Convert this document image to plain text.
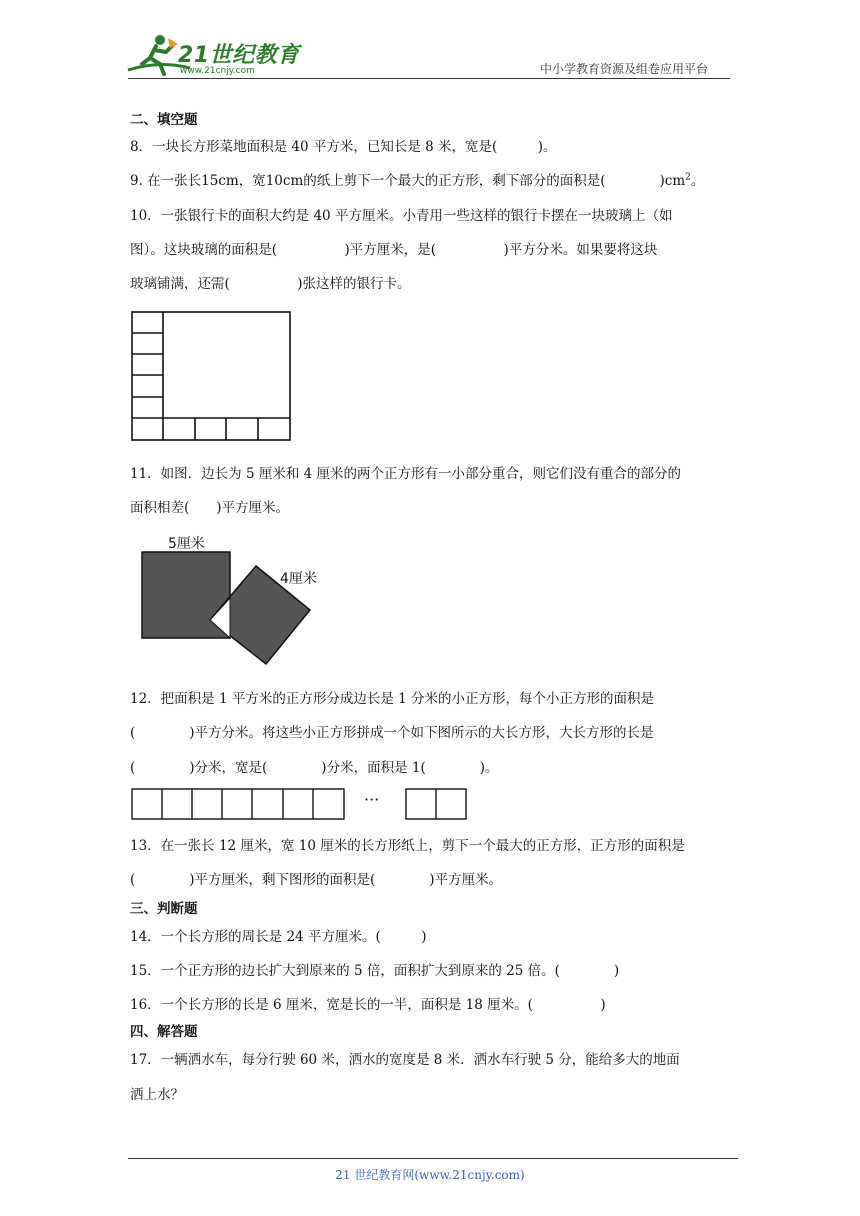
21世纪教育
www.21cnjy.com	中小学教育资源及组卷应用平台
二、填空题
8．一块长方形菜地面积是 40 平方米，已知长是 8 米，宽是(　　　)。
9. 在一张长15cm，宽10cm的纸上剪下一个最大的正方形，剩下部分的面积是(　　　　)$cm^2$。
10．一张银行卡的面积大约是 40 平方厘米。小青用一些这样的银行卡摆在一块玻璃上（如
图）。这块玻璃的面积是(　　　　　)平方厘米，是(　　　　　)平方分米。如果要将这块
玻璃铺满，还需(　　　　　)张这样的银行卡。
11．如图．边长为 5 厘米和 4 厘米的两个正方形有一小部分重合，则它们没有重合的部分的
面积相差(　　)平方厘米。
5厘米
4厘米
12．把面积是 1 平方米的正方形分成边长是 1 分米的小正方形，每个小正方形的面积是
(　　　　)平方分米。将这些小正方形拼成一个如下图所示的大长方形，大长方形的长是
(　　　　)分米，宽是(　　　　)分米，面积是 1(　　　　)。
···
13．在一张长 12 厘米，宽 10 厘米的长方形纸上，剪下一个最大的正方形，正方形的面积是
(　　　　)平方厘米，剩下图形的面积是(　　　　)平方厘米。
三、判断题
14．一个长方形的周长是 24 平方厘米。(　　　)
15．一个正方形的边长扩大到原来的 5 倍，面积扩大到原来的 25 倍。(　　　　)
16．一个长方形的长是 6 厘米，宽是长的一半，面积是 18 厘米。(　　　　　)
四、解答题
17．一辆洒水车，每分行驶 60 米，洒水的宽度是 8 米．洒水车行驶 5 分，能给多大的地面
洒上水？
21 世纪教育网(www.21cnjy.com)
